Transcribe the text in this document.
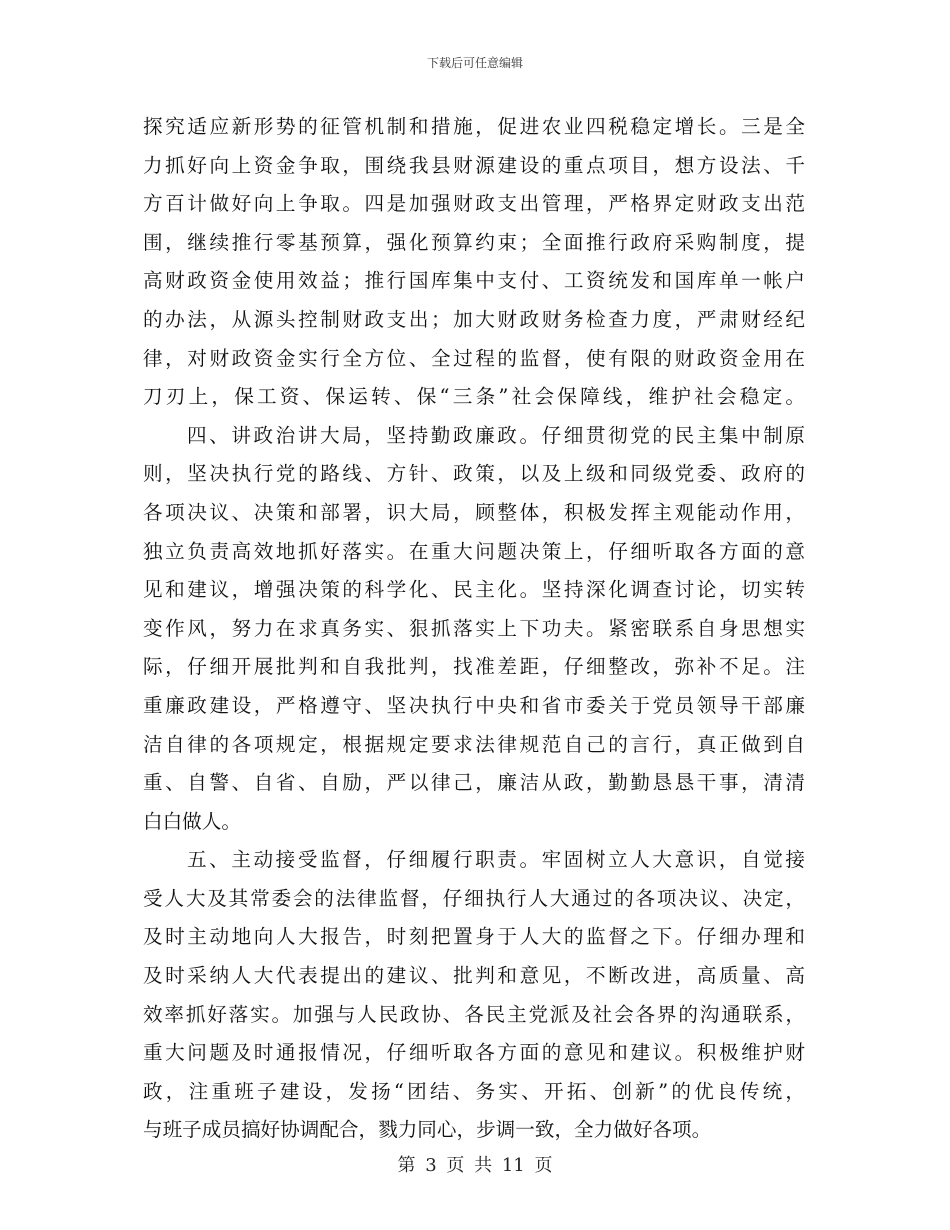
下载后可任意编辑
探究适应新形势的征管机制和措施，促进农业四税稳定增长。三是全
力抓好向上资金争取，围绕我县财源建设的重点项目，想方设法、千
方百计做好向上争取。四是加强财政支出管理，严格界定财政支出范
围，继续推行零基预算，强化预算约束；全面推行政府采购制度，提
高财政资金使用效益；推行国库集中支付、工资统发和国库单一帐户
的办法，从源头控制财政支出；加大财政财务检查力度，严肃财经纪
律，对财政资金实行全方位、全过程的监督，使有限的财政资金用在
刀刃上，保工资、保运转、保“三条”社会保障线，维护社会稳定。
四、讲政治讲大局，坚持勤政廉政。仔细贯彻党的民主集中制原
则，坚决执行党的路线、方针、政策，以及上级和同级党委、政府的
各项决议、决策和部署，识大局，顾整体，积极发挥主观能动作用，
独立负责高效地抓好落实。在重大问题决策上，仔细听取各方面的意
见和建议，增强决策的科学化、民主化。坚持深化调查讨论，切实转
变作风，努力在求真务实、狠抓落实上下功夫。紧密联系自身思想实
际，仔细开展批判和自我批判，找准差距，仔细整改，弥补不足。注
重廉政建设，严格遵守、坚决执行中央和省市委关于党员领导干部廉
洁自律的各项规定，根据规定要求法律规范自己的言行，真正做到自
重、自警、自省、自励，严以律己，廉洁从政，勤勤恳恳干事，清清
白白做人。
五、主动接受监督，仔细履行职责。牢固树立人大意识，自觉接
受人大及其常委会的法律监督，仔细执行人大通过的各项决议、决定，
及时主动地向人大报告，时刻把置身于人大的监督之下。仔细办理和
及时采纳人大代表提出的建议、批判和意见，不断改进，高质量、高
效率抓好落实。加强与人民政协、各民主党派及社会各界的沟通联系，
重大问题及时通报情况，仔细听取各方面的意见和建议。积极维护财
政，注重班子建设，发扬“团结、务实、开拓、创新”的优良传统，
与班子成员搞好协调配合，戮力同心，步调一致，全力做好各项。
第 3 页 共 11 页
